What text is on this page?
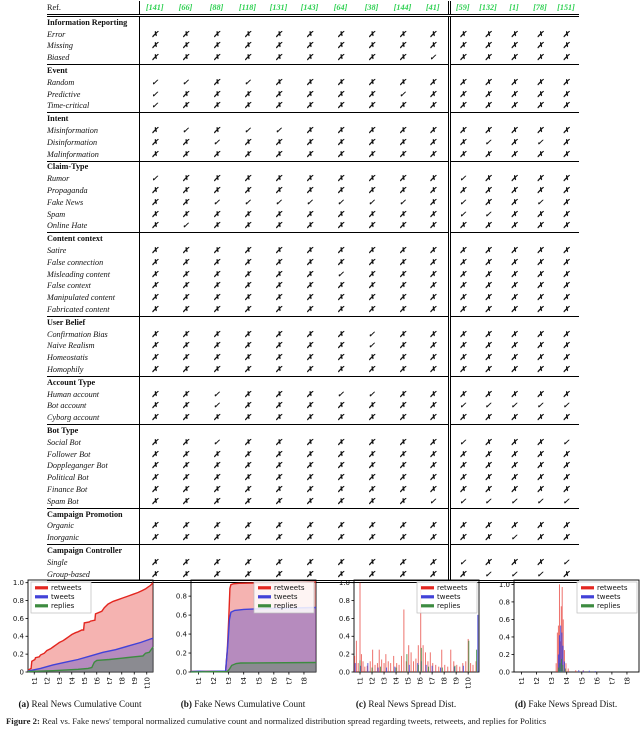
Ref.	[141]	[66]	[88]	[118]	[131]	[143]	[64]	[38]	[144]	[41]	[59]	[132]	[1]	[78]	[151]
Information Reporting															
Error	✗	✗	✗	✗	✗	✗	✗	✗	✗	✗	✗	✗	✗	✗	✗
Missing	✗	✗	✗	✗	✗	✗	✗	✗	✗	✗	✗	✗	✗	✗	✗
Biased	✗	✗	✗	✗	✗	✗	✗	✗	✗	✓	✗	✗	✗	✗	✗
Event															
Random	✓	✓	✗	✓	✗	✗	✗	✗	✗	✗	✗	✗	✗	✗	✗
Predictive	✓	✗	✗	✗	✗	✗	✗	✗	✓	✗	✗	✗	✗	✗	✗
Time-critical	✓	✗	✗	✗	✗	✗	✗	✗	✗	✗	✗	✗	✗	✗	✗
Intent															
Misinformation	✗	✓	✗	✓	✓	✗	✗	✗	✗	✗	✗	✗	✗	✗	✗
Disinformation	✗	✗	✓	✗	✗	✗	✗	✗	✗	✗	✗	✓	✗	✓	✗
Malinformation	✗	✗	✗	✗	✗	✗	✗	✗	✗	✗	✗	✗	✗	✗	✗
Claim-Type															
Rumor	✓	✗	✗	✗	✗	✗	✗	✗	✗	✗	✓	✗	✗	✗	✗
Propaganda	✗	✗	✗	✗	✗	✗	✗	✗	✗	✗	✗	✗	✗	✗	✗
Fake News	✗	✗	✓	✓	✓	✓	✓	✓	✓	✗	✓	✗	✗	✓	✗
Spam	✗	✗	✗	✗	✗	✗	✗	✗	✗	✗	✓	✓	✗	✗	✗
Online Hate	✗	✓	✗	✗	✗	✗	✗	✗	✗	✗	✗	✗	✗	✗	✗
Content context															
Satire	✗	✗	✗	✗	✗	✗	✗	✗	✗	✗	✗	✗	✗	✗	✗
False connection	✗	✗	✗	✗	✗	✗	✗	✗	✗	✗	✗	✗	✗	✗	✗
Misleading content	✗	✗	✗	✗	✗	✗	✓	✗	✗	✗	✗	✗	✗	✗	✗
False context	✗	✗	✗	✗	✗	✗	✗	✗	✗	✗	✗	✗	✗	✗	✗
Manipulated content	✗	✗	✗	✗	✗	✗	✗	✗	✗	✗	✗	✗	✗	✗	✗
Fabricated content	✗	✗	✗	✗	✗	✗	✗	✗	✗	✗	✗	✗	✗	✗	✗
User Belief															
Confirmation Bias	✗	✗	✗	✗	✗	✗	✗	✓	✗	✗	✗	✗	✗	✗	✗
Naive Realism	✗	✗	✗	✗	✗	✗	✗	✓	✗	✗	✗	✗	✗	✗	✗
Homeostatis	✗	✗	✗	✗	✗	✗	✗	✗	✗	✗	✗	✗	✗	✗	✗
Homophily	✗	✗	✗	✗	✗	✗	✗	✗	✗	✗	✗	✗	✗	✗	✗
Account Type															
Human account	✗	✗	✓	✗	✗	✗	✓	✓	✗	✗	✗	✗	✗	✗	✗
Bot account	✗	✗	✓	✗	✗	✗	✗	✗	✗	✗	✓	✓	✓	✓	✓
Cyborg account	✗	✗	✗	✗	✗	✗	✗	✗	✗	✗	✗	✗	✗	✗	✗
Bot Type															
Social Bot	✗	✗	✓	✗	✗	✗	✗	✗	✗	✗	✓	✗	✗	✗	✓
Follower Bot	✗	✗	✗	✗	✗	✗	✗	✗	✗	✗	✗	✗	✗	✗	✗
Doppleganger Bot	✗	✗	✗	✗	✗	✗	✗	✗	✗	✗	✗	✗	✗	✗	✗
Political Bot	✗	✗	✗	✗	✗	✗	✗	✗	✗	✗	✗	✗	✗	✗	✗
Finance Bot	✗	✗	✗	✗	✗	✗	✗	✗	✗	✗	✗	✗	✗	✗	✗
Spam Bot	✗	✗	✗	✗	✗	✗	✗	✗	✗	✓	✓	✓	✓	✓	✓
Campaign Promotion															
Organic	✗	✗	✗	✗	✗	✗	✗	✗	✗	✗	✗	✗	✗	✗	✗
Inorganic	✗	✗	✗	✗	✗	✗	✗	✗	✗	✗	✗	✗	✓	✗	✗
Campaign Controller															
Single	✗	✗	✗	✗	✗	✗	✗	✗	✗	✗	✓	✗	✗	✗	✓
Group-based	✗	✗	✗	✗	✗	✗	✗	✗	✗	✗	✗	✓	✓	✓	✗
1.0
0.8
0.6
0.4
0.2
0
t1 t2 t3 t4 t5 t6 t7 t8 t9 t10
retweets
tweets
replies
(a) Real News Cumulative Count
0.8
0.6
0.4
0.2
0.0
t1 t2 t3 t4 t5 t6 t7 t8
retweets
tweets
replies
(b) Fake News Cumulative Count
1.0
0.8
0.6
0.4
0.2
0.0
t1 t2 t3 t4 t5 t6 t7 t8 t9 t10
retweets
tweets
replies
(c) Real News Spread Dist.
1.0
0.8
0.6
0.4
0.2
0.0
t1 t2 t3 t4 t5 t6 t7 t8
retweets
tweets
replies
(d) Fake News Spread Dist.
Figure 2: Real vs. Fake news' temporal normalized cumulative count and normalized distribution spread regarding tweets, retweets, and replies for Politics
